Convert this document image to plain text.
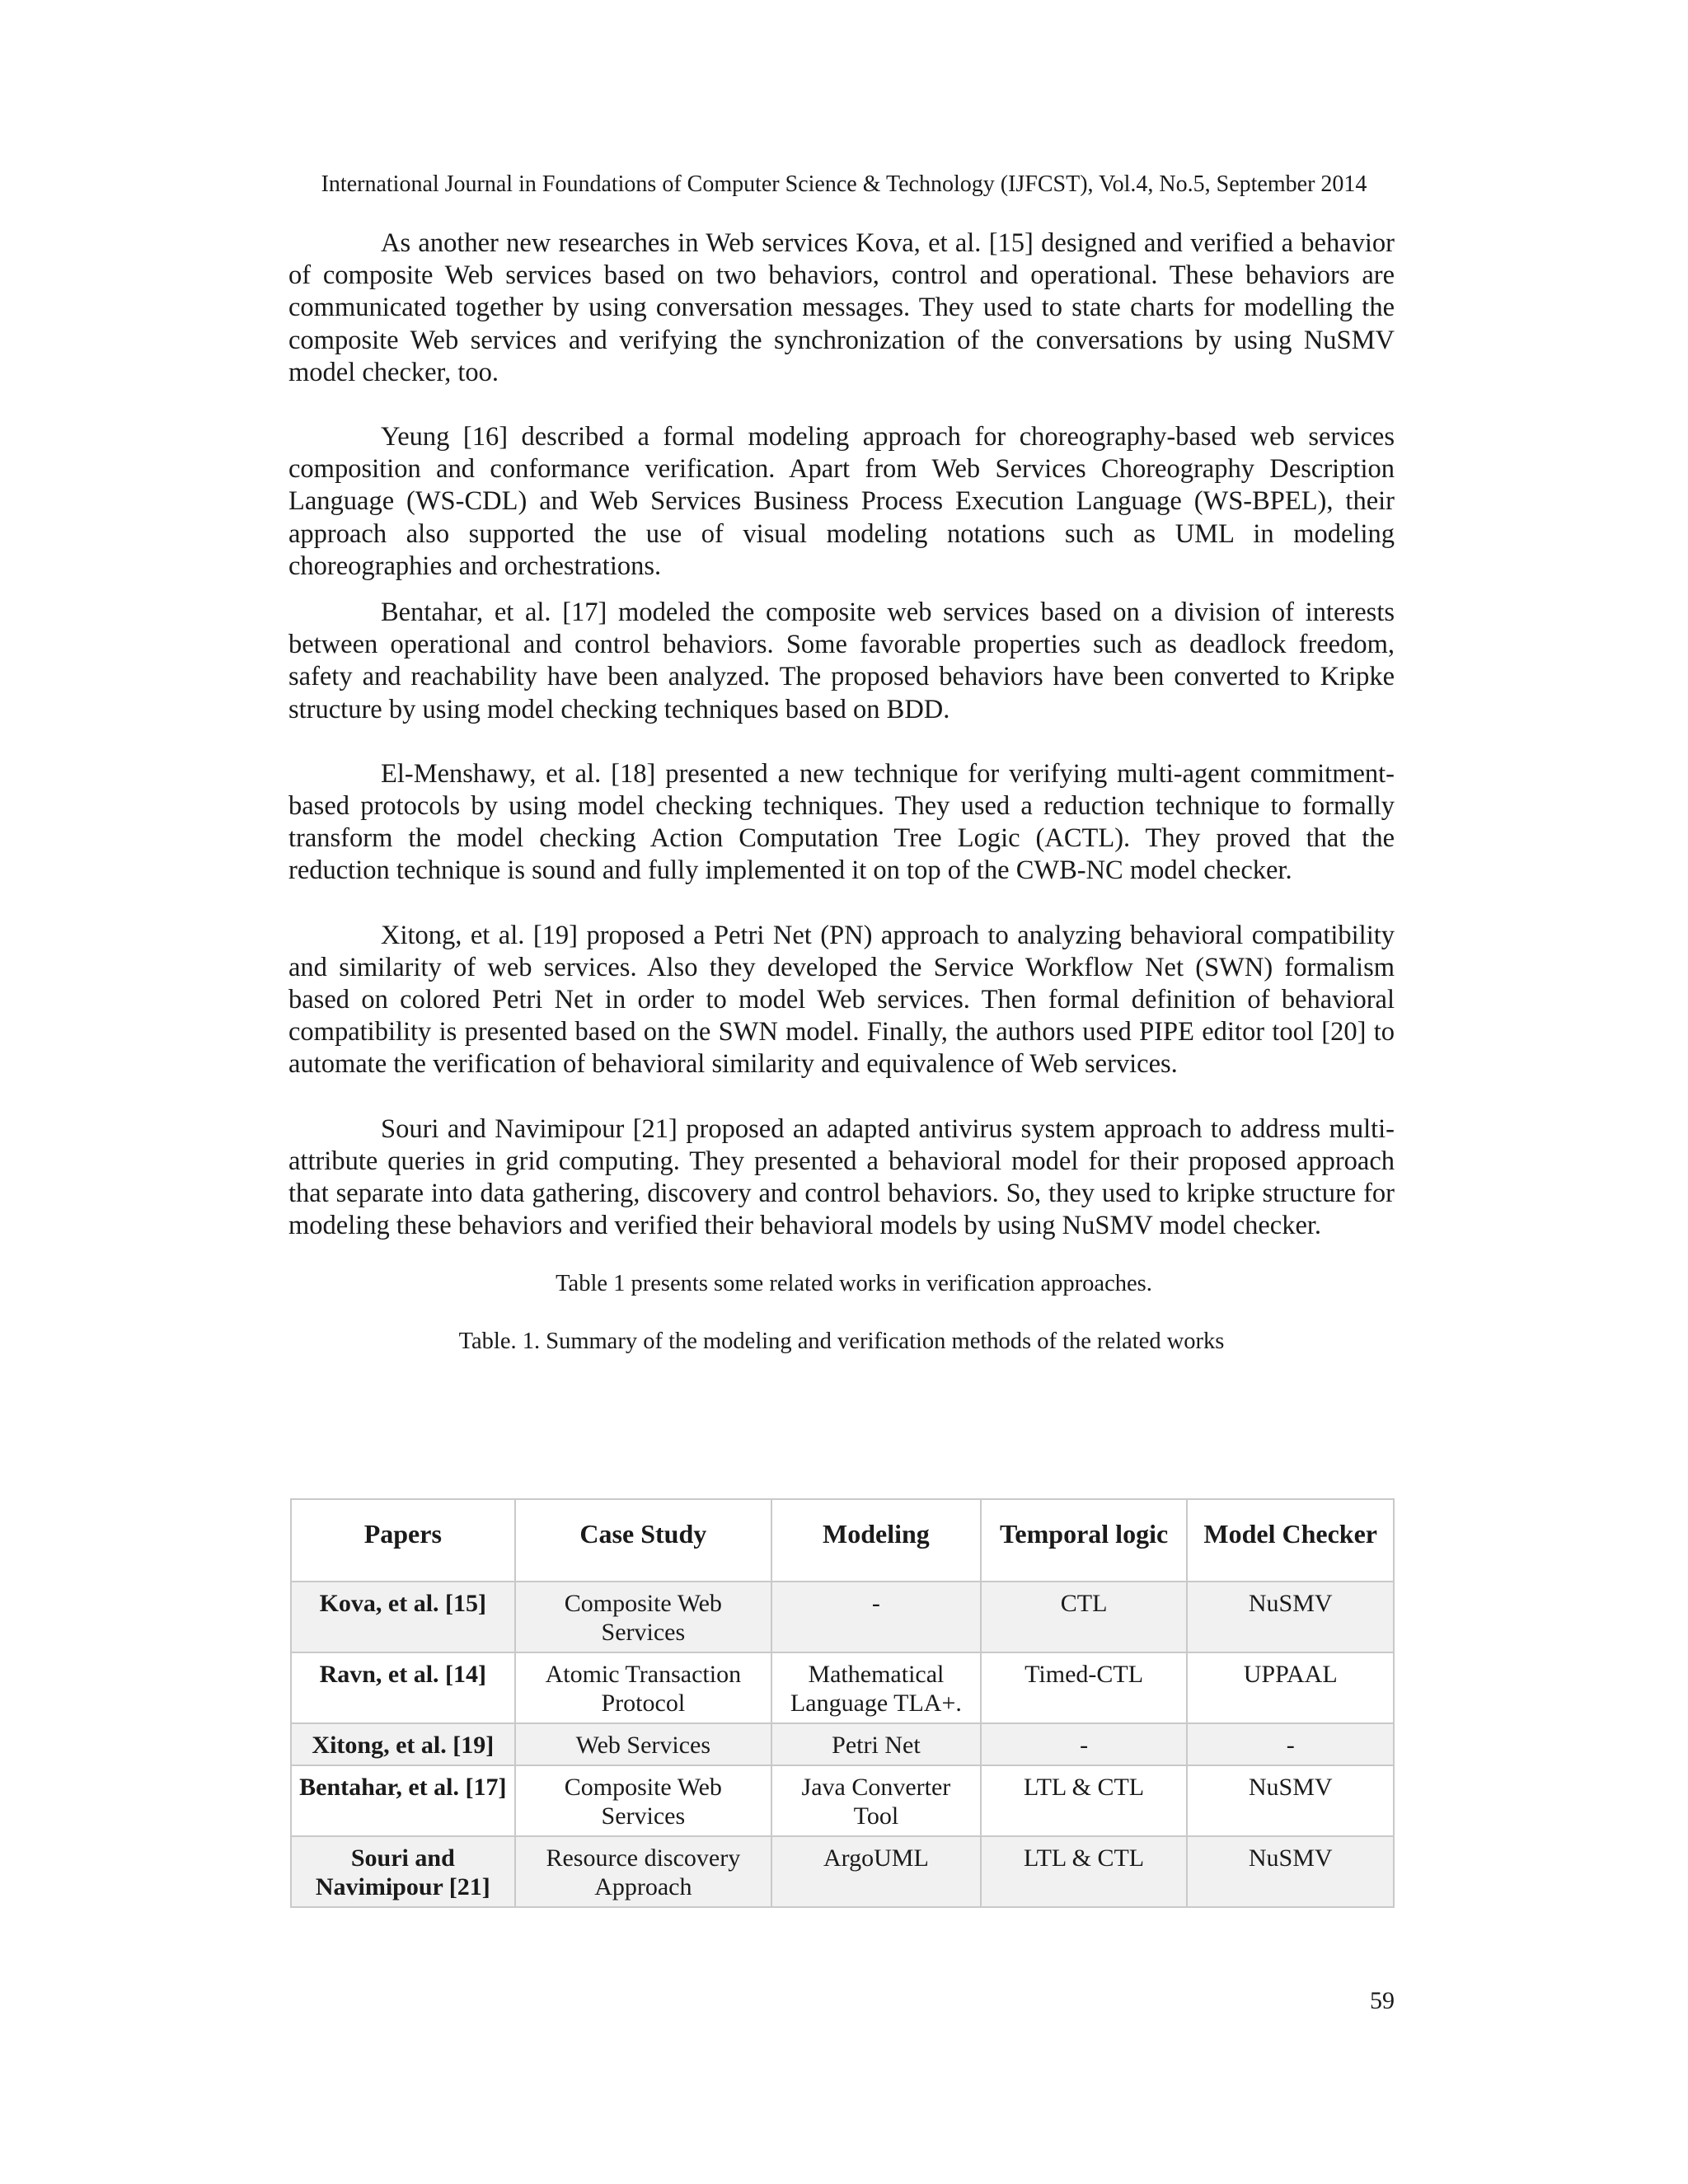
International Journal in Foundations of Computer Science & Technology (IJFCST), Vol.4, No.5, September 2014

As another new researches in Web services Kova, et al. [15] designed and verified a behavior of composite Web services based on two behaviors, control and operational. These behaviors are communicated together by using conversation messages. They used to state charts for modelling the composite Web services and verifying the synchronization of the conversations by using NuSMV model checker, too.

Yeung [16] described a formal modeling approach for choreography-based web services composition and conformance verification. Apart from Web Services Choreography Description Language (WS-CDL) and Web Services Business Process Execution Language (WS-BPEL), their approach also supported the use of visual modeling notations such as UML in modeling choreographies and orchestrations.

Bentahar, et al. [17] modeled the composite web services based on a division of interests between operational and control behaviors. Some favorable properties such as deadlock freedom, safety and reachability have been analyzed. The proposed behaviors have been converted to Kripke structure by using model checking techniques based on BDD.

El-Menshawy, et al. [18] presented a new technique for verifying multi-agent commitment-based protocols by using model checking techniques. They used a reduction technique to formally transform the model checking Action Computation Tree Logic (ACTL). They proved that the reduction technique is sound and fully implemented it on top of the CWB-NC model checker.

Xitong, et al. [19] proposed a Petri Net (PN) approach to analyzing behavioral compatibility and similarity of web services. Also they developed the Service Workflow Net (SWN) formalism based on colored Petri Net in order to model Web services. Then formal definition of behavioral compatibility is presented based on the SWN model. Finally, the authors used PIPE editor tool [20] to automate the verification of behavioral similarity and equivalence of Web services.

Souri and Navimipour [21] proposed an adapted antivirus system approach to address multi-attribute queries in grid computing. They presented a behavioral model for their proposed approach that separate into data gathering, discovery and control behaviors. So, they used to kripke structure for modeling these behaviors and verified their behavioral models by using NuSMV model checker.

Table 1 presents some related works in verification approaches.
Table. 1. Summary of the modeling and verification methods of the related works
Papers	Case Study	Modeling	Temporal logic	Model Checker
Kova, et al. [15]	Composite Web Services	-	CTL	NuSMV
Ravn, et al. [14]	Atomic Transaction Protocol	Mathematical Language TLA+.	Timed-CTL	UPPAAL
Xitong, et al. [19]	Web Services	Petri Net	-	-
Bentahar, et al. [17]	Composite Web Services	Java Converter Tool	LTL & CTL	NuSMV
Souri and Navimipour [21]	Resource discovery Approach	ArgoUML	LTL & CTL	NuSMV
59
